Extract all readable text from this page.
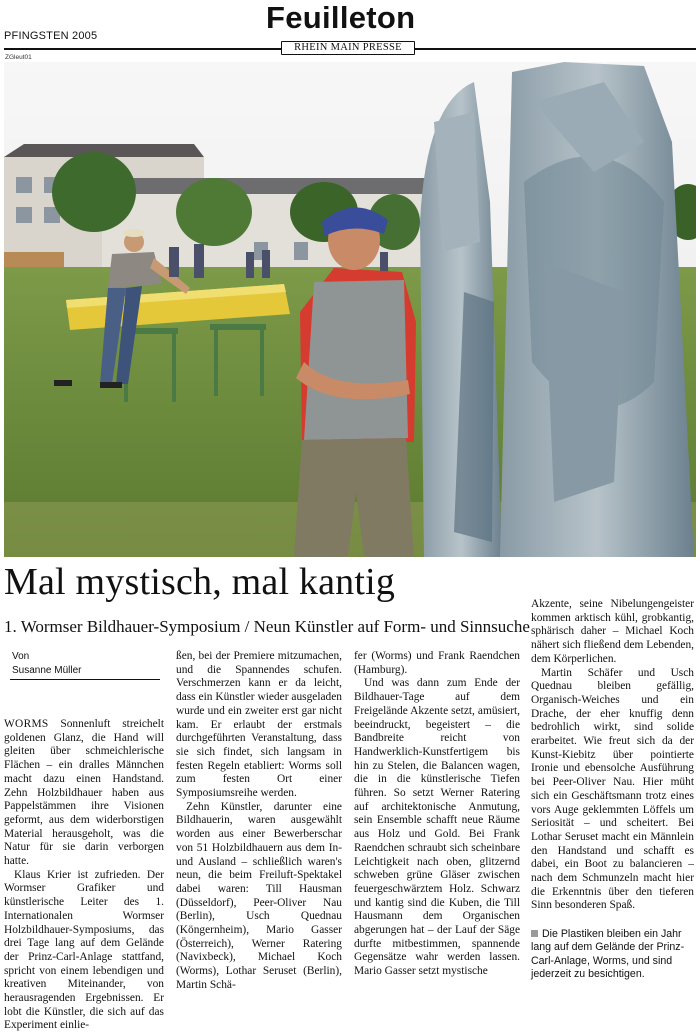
Feuilleton
PFINGSTEN 2005
RHEIN MAIN PRESSE
ZGleut01
Mal mystisch, mal kantig
1. Wormser Bildhauer-Symposium / Neun Künstler auf Form- und Sinnsuche
Von
Susanne Müller

WORMS Sonnenluft streichelt goldenen Glanz, die Hand will gleiten über schmeichlerische Flächen – ein dralles Männchen macht dazu einen Handstand. Zehn Holzbildhauer haben aus Pappelstämmen ihre Visionen geformt, aus dem widerborstigen Material herausgeholt, was die Natur für sie darin verborgen hatte.

Klaus Krier ist zufrieden. Der Wormser Grafiker und künstlerische Leiter des 1. Internationalen Wormser Holzbildhauer-Symposiums, das drei Tage lang auf dem Gelände der Prinz-Carl-Anlage stattfand, spricht von einem lebendigen und kreativen Miteinander, von herausragenden Ergebnissen. Er lobt die Künstler, die sich auf das Experiment einlie-

ßen, bei der Premiere mitzumachen, und die Spannendes schufen. Verschmerzen kann er da leicht, dass ein Künstler wieder ausgeladen wurde und ein zweiter erst gar nicht kam. Er erlaubt der erstmals durchgeführten Veranstaltung, dass sie sich findet, sich langsam in festen Regeln etabliert: Worms soll zum festen Ort einer Symposiumsreihe werden.

Zehn Künstler, darunter eine Bildhauerin, waren ausgewählt worden aus einer Bewerberschar von 51 Holzbildhauern aus dem In- und Ausland – schließlich waren's neun, die beim Freiluft-Spektakel dabei waren: Till Hausman (Düsseldorf), Peer-Oliver Nau (Berlin), Usch Quednau (Köngernheim), Mario Gasser (Österreich), Werner Ratering (Navixbeck), Michael Koch (Worms), Lothar Seruset (Berlin), Martin Schä-

fer (Worms) und Frank Raendchen (Hamburg).

Und was dann zum Ende der Bildhauer-Tage auf dem Freigelände Akzente setzt, amüsiert, beeindruckt, begeistert – die Bandbreite reicht von Handwerklich-Kunstfertigem bis hin zu Stelen, die Balancen wagen, die in die künstlerische Tiefen führen. So setzt Werner Ratering auf architektonische Anmutung, sein Ensemble schafft neue Räume aus Holz und Gold. Bei Frank Raendchen schraubt sich scheinbare Leichtigkeit nach oben, glitzernd schweben grüne Gläser zwischen feuergeschwärztem Holz. Schwarz und kantig sind die Kuben, die Till Hausmann dem Organischen abgerungen hat – der Lauf der Säge durfte mitbestimmen, spannende Gegensätze wahr werden lassen. Mario Gasser setzt mystische

Akzente, seine Nibelungengeister kommen arktisch kühl, grobkantig, sphärisch daher – Michael Koch nähert sich fließend dem Lebenden, dem Körperlichen.

Martin Schäfer und Usch Quednau bleiben gefällig, Organisch-Weiches und ein Drache, der eher knuffig denn bedrohlich wirkt, sind solide erarbeitet. Wie freut sich da der Kunst-Kiebitz über pointierte Ironie und ebensolche Ausführung bei Peer-Oliver Nau. Hier müht sich ein Geschäftsmann trotz eines vors Auge geklemmten Löffels um Seriosität – und scheitert. Bei Lothar Seruset macht ein Männlein den Handstand und schafft es dabei, ein Boot zu balancieren – nach dem Schmunzeln macht hier die Erkenntnis über den tieferen Sinn besonderen Spaß.

Die Plastiken bleiben ein Jahr lang auf dem Gelände der Prinz-Carl-Anlage, Worms, und sind jederzeit zu besichtigen.
